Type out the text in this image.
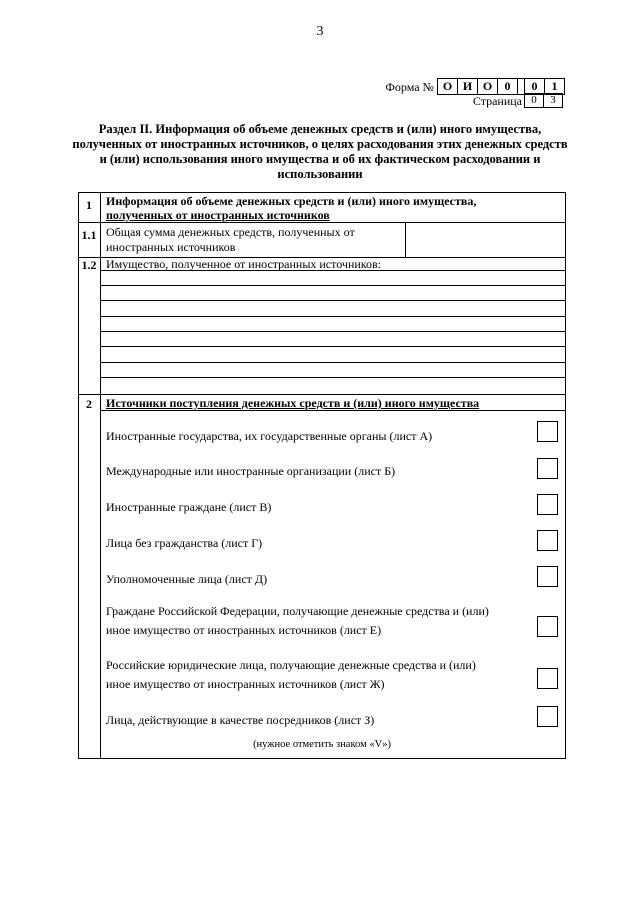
3
Форма № О И О	0	0	1
Страница 0	3
Раздел II. Информация об объеме денежных средств и (или) иного имущества, полученных от иностранных источников, о целях расходования этих денежных средств и (или) использования иного имущества и об их фактическом расходовании и использовании
1	Информация об объеме денежных средств и (или) иного имущества,
полученных от иностранных источников
1.1 Общая сумма денежных средств, полученных от
иностранных источников
1.2 Имущество, полученное от иностранных источников:
2	Источники поступления денежных средств и (или) иного имущества
Иностранные государства, их государственные органы (лист А)
Международные или иностранные организации (лист Б)
Иностранные граждане (лист В)
Лица без гражданства (лист Г)
Уполномоченные лица (лист Д)
Граждане Российской Федерации, получающие денежные средства и (или)
иное имущество от иностранных источников (лист Е)
Российские юридические лица, получающие денежные средства и (или)
иное имущество от иностранных источников (лист Ж)
Лица, действующие в качестве посредников (лист З)
(нужное отметить знаком «V»)
